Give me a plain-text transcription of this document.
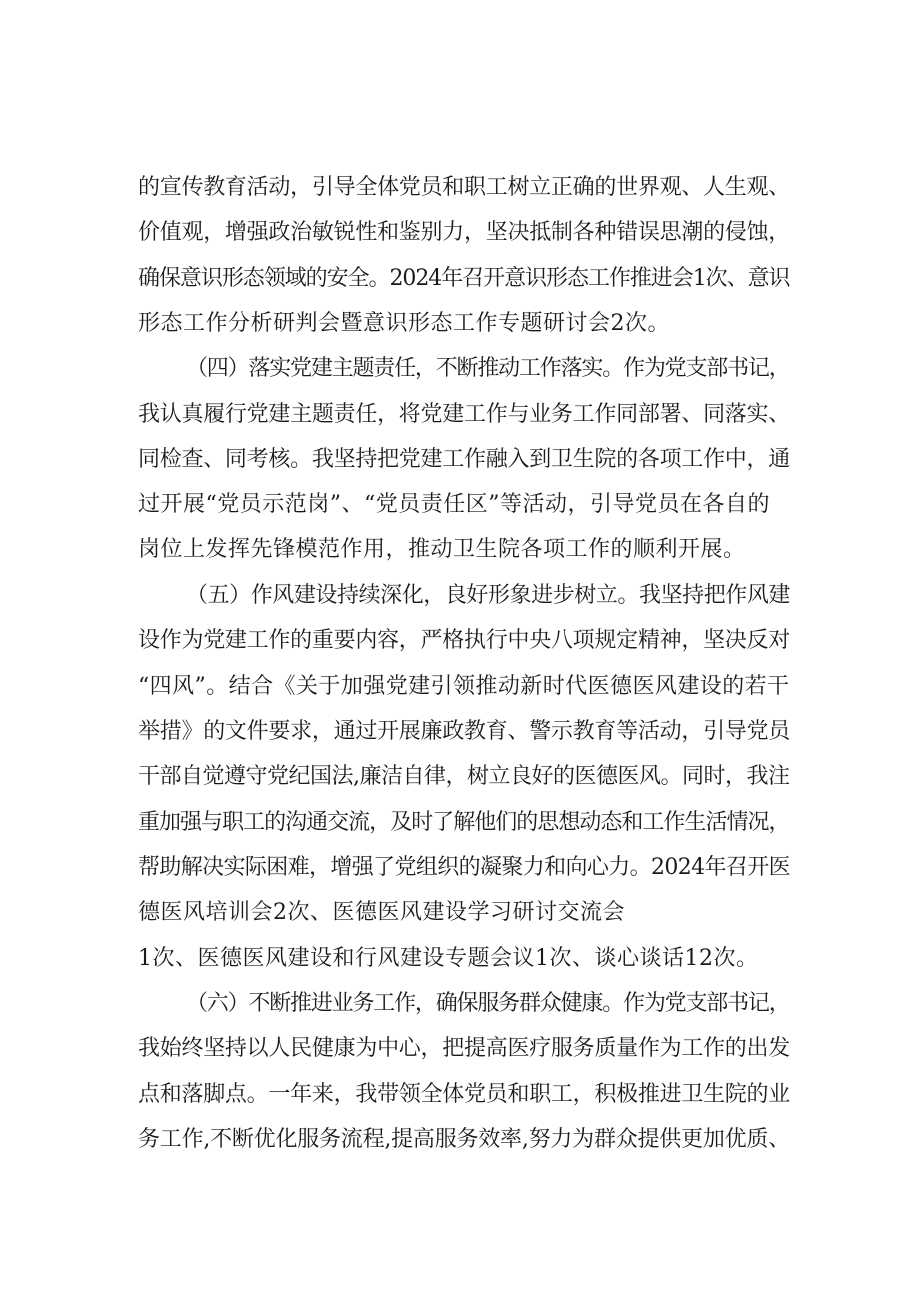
的宣传教育活动，引导全体党员和职工树立正确的世界观、人生观、
价值观，增强政治敏锐性和鉴别力，坚决抵制各种错误思潮的侵蚀，
确保意识形态领域的安全。2024年召开意识形态工作推进会1次、意识
形态工作分析研判会暨意识形态工作专题研讨会2次。
（四）落实党建主题责任，不断推动工作落实。作为党支部书记，
我认真履行党建主题责任，将党建工作与业务工作同部署、同落实、
同检查、同考核。我坚持把党建工作融入到卫生院的各项工作中，通
过开展“党员示范岗”、“党员责任区”等活动，引导党员在各自的
岗位上发挥先锋模范作用，推动卫生院各项工作的顺利开展。
（五）作风建设持续深化，良好形象进步树立。我坚持把作风建
设作为党建工作的重要内容，严格执行中央八项规定精神，坚决反对
“四风”。结合《关于加强党建引领推动新时代医德医风建设的若干
举措》的文件要求，通过开展廉政教育、警示教育等活动，引导党员
干部自觉遵守党纪国法,廉洁自律，树立良好的医德医风。同时，我注
重加强与职工的沟通交流，及时了解他们的思想动态和工作生活情况，
帮助解决实际困难，增强了党组织的凝聚力和向心力。2024年召开医
德医风培训会2次、医德医风建设学习研讨交流会
1次、医德医风建设和行风建设专题会议1次、谈心谈话12次。
（六）不断推进业务工作，确保服务群众健康。作为党支部书记，
我始终坚持以人民健康为中心，把提高医疗服务质量作为工作的出发
点和落脚点。一年来，我带领全体党员和职工，积极推进卫生院的业
务工作,不断优化服务流程,提高服务效率,努力为群众提供更加优质、
